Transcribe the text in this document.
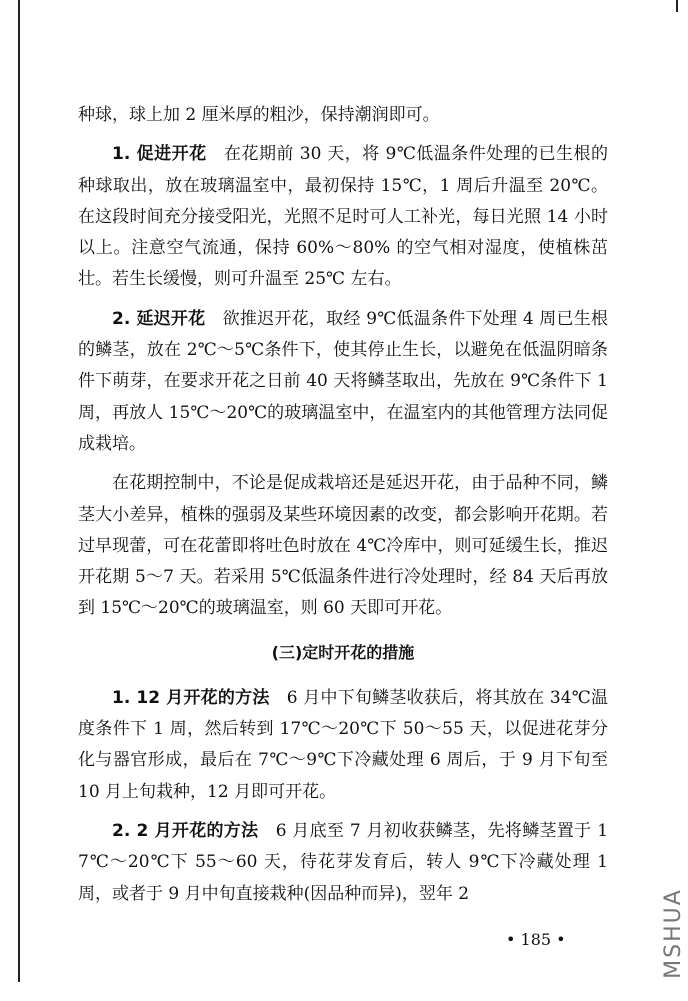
种球，球上加 2 厘米厚的粗沙，保持潮润即可。

1. 促进开花　 在花期前 30 天，将 9℃低温条件处理的已生根的种球取出，放在玻璃温室中，最初保持 15℃，1 周后升温至 20℃。在这段时间充分接受阳光，光照不足时可人工补光，每日光照 14 小时以上。注意空气流通，保持 60%～80% 的空气相对湿度，使植株茁壮。若生长缓慢，则可升温至 25℃ 左右。

2. 延迟开花　 欲推迟开花，取经 9℃低温条件下处理 4 周已生根的鳞茎，放在 2℃～5℃条件下，使其停止生长，以避免在低温阴暗条件下萌芽，在要求开花之日前 40 天将鳞茎取出，先放在 9℃条件下 1 周，再放人 15℃～20℃的玻璃温室中，在温室内的其他管理方法同促成栽培。

在花期控制中，不论是促成栽培还是延迟开花，由于品种不同，鳞茎大小差异，植株的强弱及某些环境因素的改变，都会影响开花期。若过早现蕾，可在花蕾即将吐色时放在 4℃冷库中，则可延缓生长，推迟开花期 5～7 天。若采用 5℃低温条件进行冷处理时，经 84 天后再放到 15℃～20℃的玻璃温室，则 60 天即可开花。

(三)定时开花的措施

1. 12 月开花的方法　 6 月中下旬鳞茎收获后，将其放在 34℃温度条件下 1 周，然后转到 17℃～20℃下 50～55 天，以促进花芽分化与器官形成，最后在 7℃～9℃下冷藏处理 6 周后，于 9 月下旬至 10 月上旬栽种，12 月即可开花。

2. 2 月开花的方法　 6 月底至 7 月初收获鳞茎，先将鳞茎置于 17℃～20℃下 55～60 天，待花芽发育后，转人 9℃下冷藏处理 1 周，或者于 9 月中旬直接栽种(因品种而异)，翌年 2

• 185 •	MSHUA
